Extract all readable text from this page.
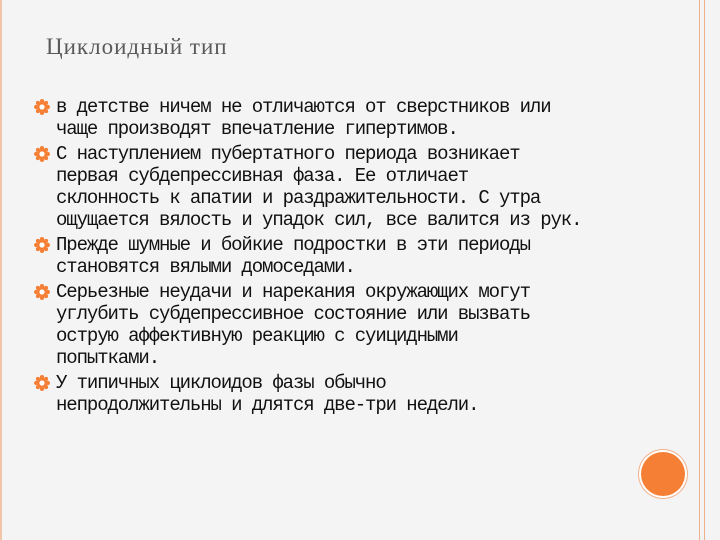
Циклоидный тип
в детстве ничем не отличаются от сверстников или
чаще производят впечатление гипертимов.
С наступлением пубертатного периода возникает
первая субдепрессивная фаза. Ее отличает
склонность к апатии и раздражительности. С утра
ощущается вялость и упадок сил, все валится из рук.
Прежде шумные и бойкие подростки в эти периоды
становятся вялыми домоседами.
Серьезные неудачи и нарекания окружающих могут
углубить субдепрессивное состояние или вызвать
острую аффективную реакцию с суицидными
попытками.
У типичных циклоидов фазы обычно
непродолжительны и длятся две-три недели.
